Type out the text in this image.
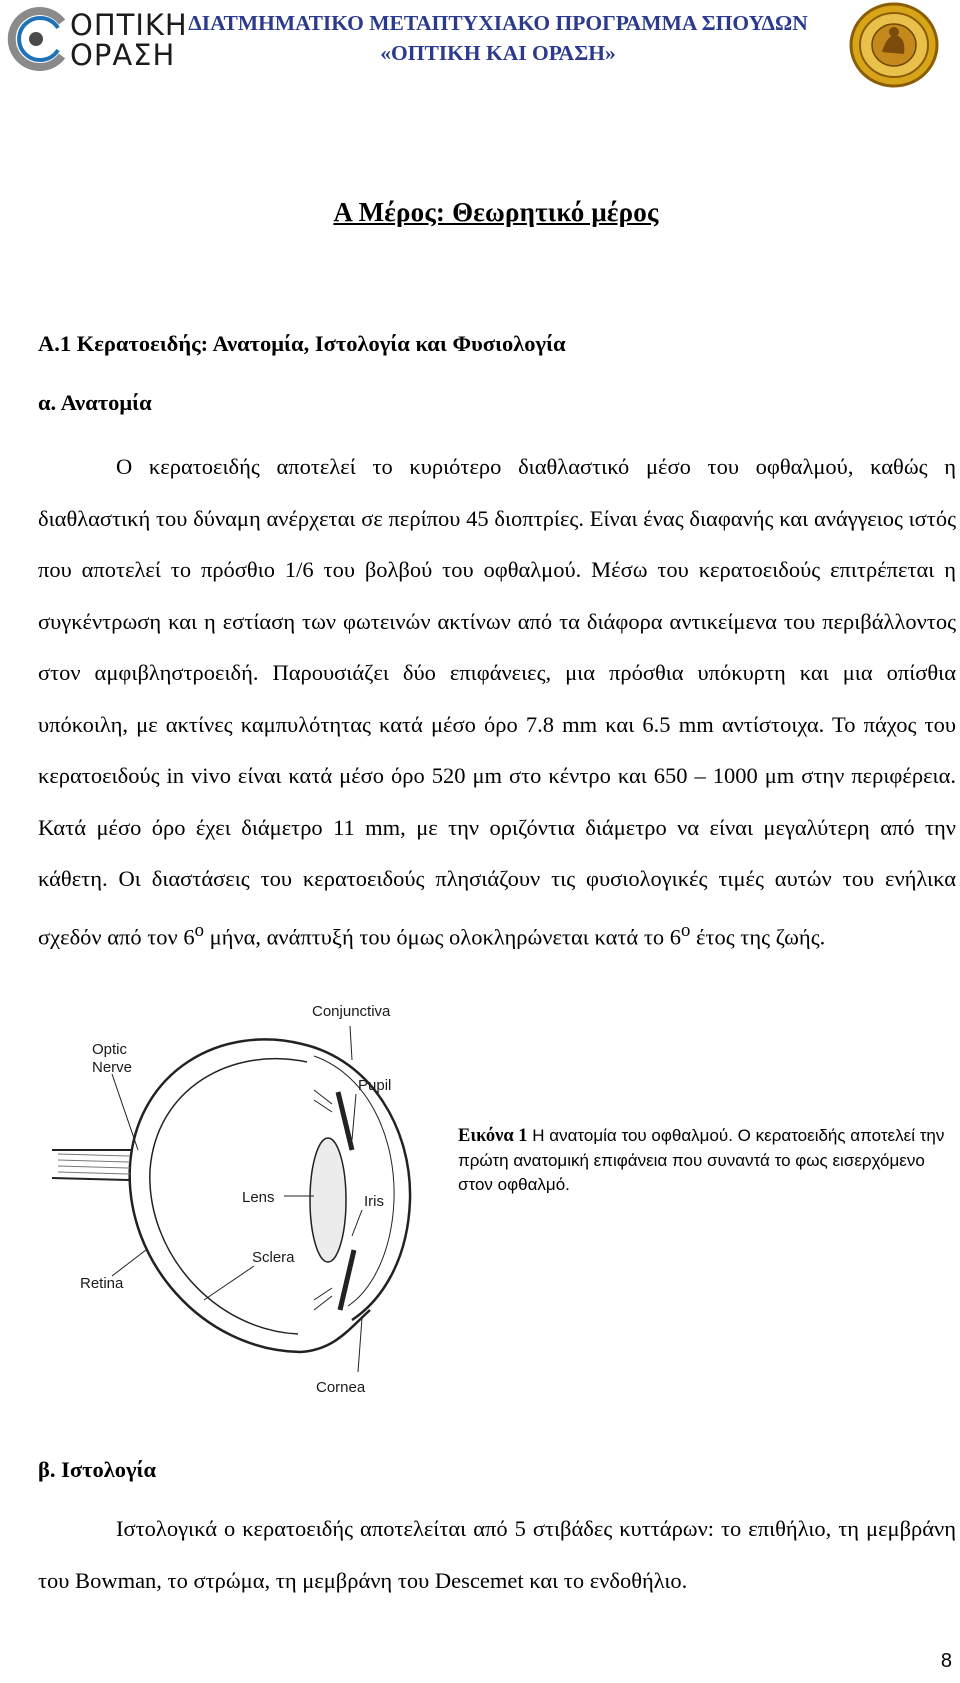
ΟΠΤΙΚΗ
ΟΡΑΣΗ
ΔΙΑΤΜΗΜΑΤΙΚΟ ΜΕΤΑΠΤΥΧΙΑΚΟ ΠΡΟΓΡΑΜΜΑ ΣΠΟΥΔΩΝ
«ΟΠΤΙΚΗ ΚΑΙ ΟΡΑΣΗ»
Α Μέρος: Θεωρητικό μέρος
Α.1 Κερατοειδής: Ανατομία, Ιστολογία και Φυσιολογία
α. Ανατομία
Ο κερατοειδής αποτελεί το κυριότερο διαθλαστικό μέσο του οφθαλμού, καθώς η διαθλαστική του δύναμη ανέρχεται σε περίπου 45 διοπτρίες. Είναι ένας διαφανής και ανάγγειος ιστός που αποτελεί το πρόσθιο 1/6 του βολβού του οφθαλμού. Μέσω του κερατοειδούς επιτρέπεται η συγκέντρωση και η εστίαση των φωτεινών ακτίνων από τα διάφορα αντικείμενα του περιβάλλοντος στον αμφιβληστροειδή. Παρουσιάζει δύο επιφάνειες, μια πρόσθια υπόκυρτη και μια οπίσθια υπόκοιλη, με ακτίνες καμπυλότητας κατά μέσο όρο 7.8 mm και 6.5 mm αντίστοιχα. Το πάχος του κερατοειδούς in vivo είναι κατά μέσο όρο 520 μm στο κέντρο και 650 – 1000 μm στην περιφέρεια. Κατά μέσο όρο έχει διάμετρο 11 mm, με την οριζόντια διάμετρο να είναι μεγαλύτερη από την κάθετη. Οι διαστάσεις του κερατοειδούς πλησιάζουν τις φυσιολογικές τιμές αυτών του ενήλικα σχεδόν από τον $6^o$ μήνα, ανάπτυξή του όμως ολοκληρώνεται κατά το $6^o$ έτος της ζωής.
Conjunctiva
Optic
Nerve
Pupil
Lens	Iris
Sclera
Retina
Cornea
Εικόνα 1 Η ανατομία του οφθαλμού. Ο κερατοειδής αποτελεί την πρώτη ανατομική επιφάνεια που συναντά το φως εισερχόμενο στον οφθαλμό.
β. Ιστολογία
Ιστολογικά ο κερατοειδής αποτελείται από 5 στιβάδες κυττάρων: το επιθήλιο, τη μεμβράνη του Bowman, το στρώμα, τη μεμβράνη του Descemet και το ενδοθήλιο.
8
